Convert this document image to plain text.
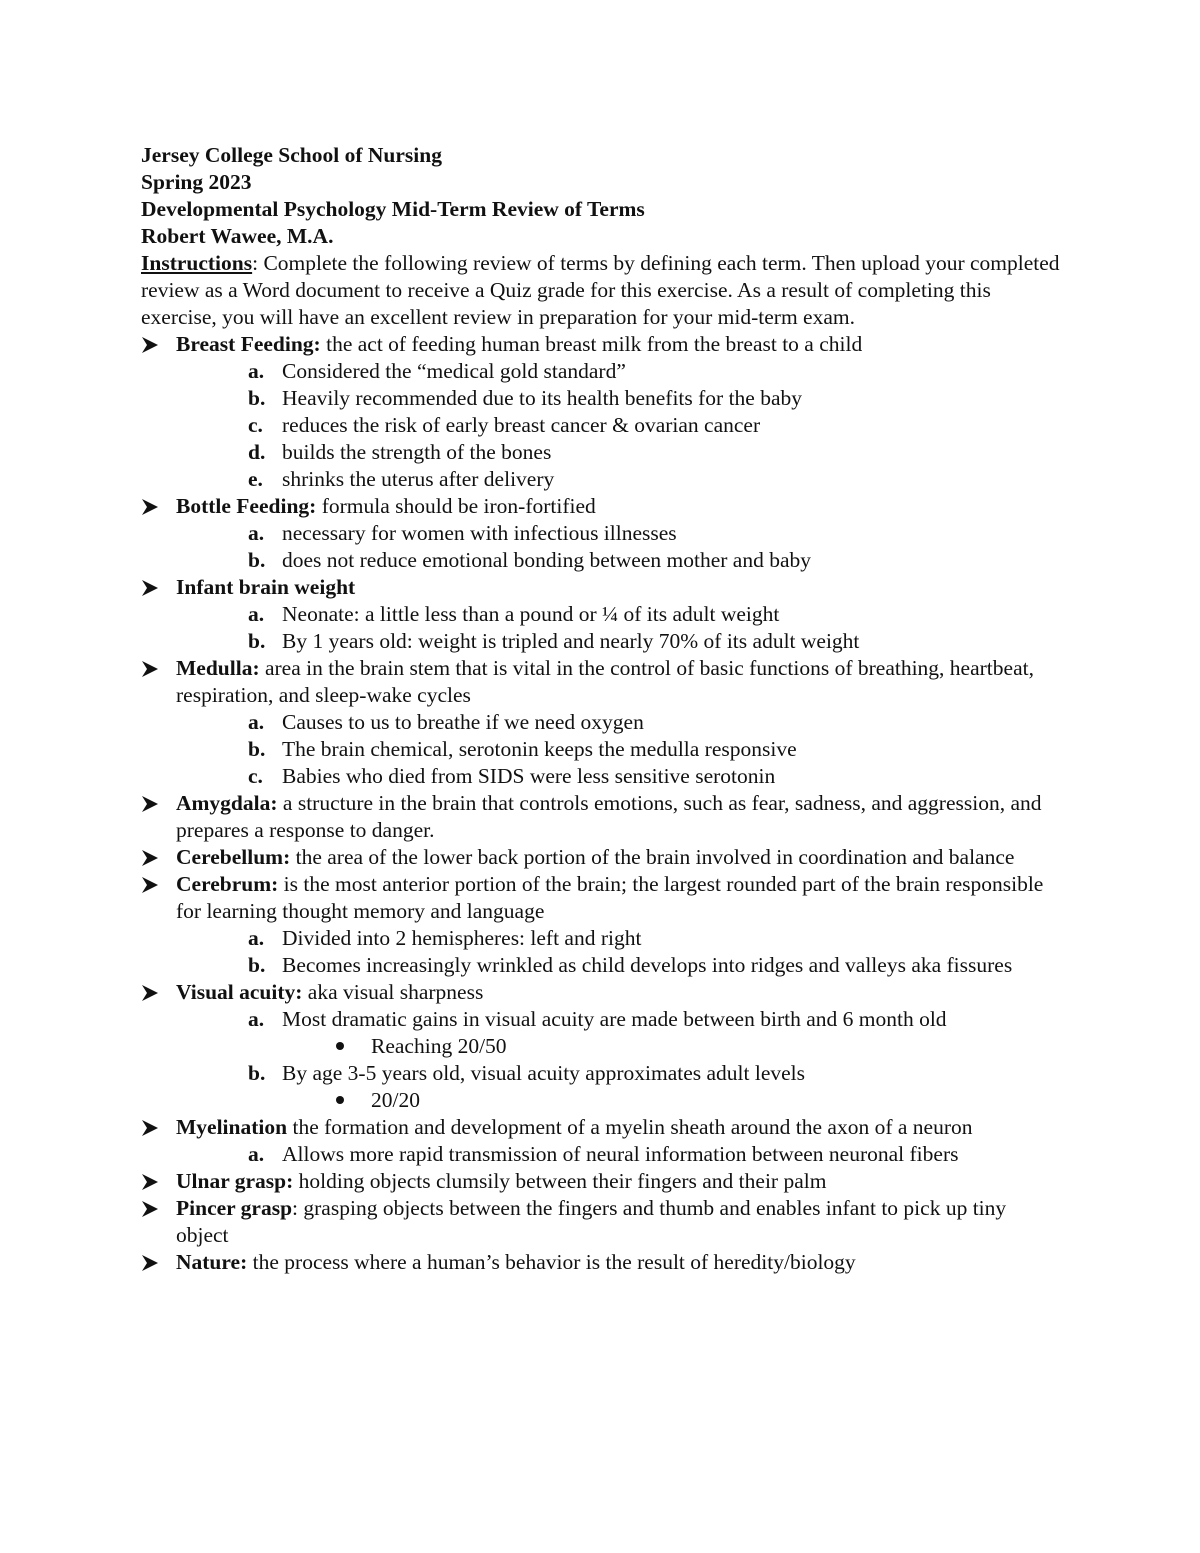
Jersey College School of Nursing
Spring 2023
Developmental Psychology Mid-Term Review of Terms
Robert Wawee, M.A.

Instructions: Complete the following review of terms by defining each term. Then upload your completed review as a Word document to receive a Quiz grade for this exercise. As a result of completing this exercise, you will have an excellent review in preparation for your mid-term exam.

Breast Feeding: the act of feeding human breast milk from the breast to a child
a. Considered the “medical gold standard”
b. Heavily recommended due to its health benefits for the baby
c. reduces the risk of early breast cancer & ovarian cancer
d. builds the strength of the bones
e. shrinks the uterus after delivery
Bottle Feeding: formula should be iron-fortified
a. necessary for women with infectious illnesses
b. does not reduce emotional bonding between mother and baby
Infant brain weight
a. Neonate: a little less than a pound or ¼ of its adult weight
b. By 1 years old: weight is tripled and nearly 70% of its adult weight
Medulla: area in the brain stem that is vital in the control of basic functions of breathing, heartbeat, respiration, and sleep-wake cycles
a. Causes to us to breathe if we need oxygen
b. The brain chemical, serotonin keeps the medulla responsive
c. Babies who died from SIDS were less sensitive serotonin
Amygdala: a structure in the brain that controls emotions, such as fear, sadness, and aggression, and prepares a response to danger.
Cerebellum: the area of the lower back portion of the brain involved in coordination and balance
Cerebrum: is the most anterior portion of the brain; the largest rounded part of the brain responsible for learning thought memory and language
a. Divided into 2 hemispheres: left and right
b. Becomes increasingly wrinkled as child develops into ridges and valleys aka fissures
Visual acuity: aka visual sharpness
a. Most dramatic gains in visual acuity are made between birth and 6 month old
Reaching 20/50
b. By age 3-5 years old, visual acuity approximates adult levels
20/20
Myelination the formation and development of a myelin sheath around the axon of a neuron
a. Allows more rapid transmission of neural information between neuronal fibers
Ulnar grasp: holding objects clumsily between their fingers and their palm
Pincer grasp: grasping objects between the fingers and thumb and enables infant to pick up tiny object
Nature: the process where a human’s behavior is the result of heredity/biology
